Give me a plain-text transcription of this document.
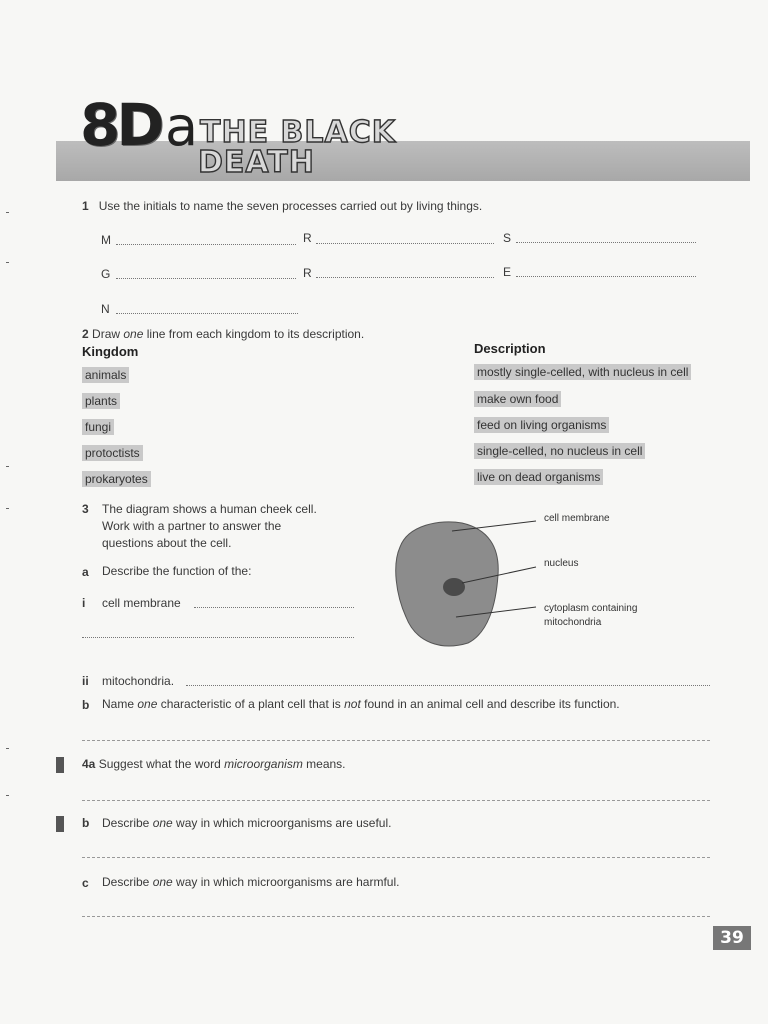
8D a THE BLACK
DEATH
1 Use the initials to name the seven processes carried out by living things.
M	R	S
G	R	E
N
2 Draw one line from each kingdom to its description.
Kingdom	Description
animals
plants
fungi
protoctists
prokaryotes
mostly single-celled, with nucleus in cell
make own food
feed on living organisms
single-celled, no nucleus in cell
live on dead organisms
3 The diagram shows a human cheek cell.
Work with a partner to answer the
questions about the cell.
a Describe the function of the:
i cell membrane
cell membrane
nucleus
cytoplasm containing
mitochondria
ii mitochondria.
b Name one characteristic of a plant cell that is not found in an animal cell and describe its function.
4a Suggest what the word microorganism means.
b Describe one way in which microorganisms are useful.
c Describe one way in which microorganisms are harmful.
39
